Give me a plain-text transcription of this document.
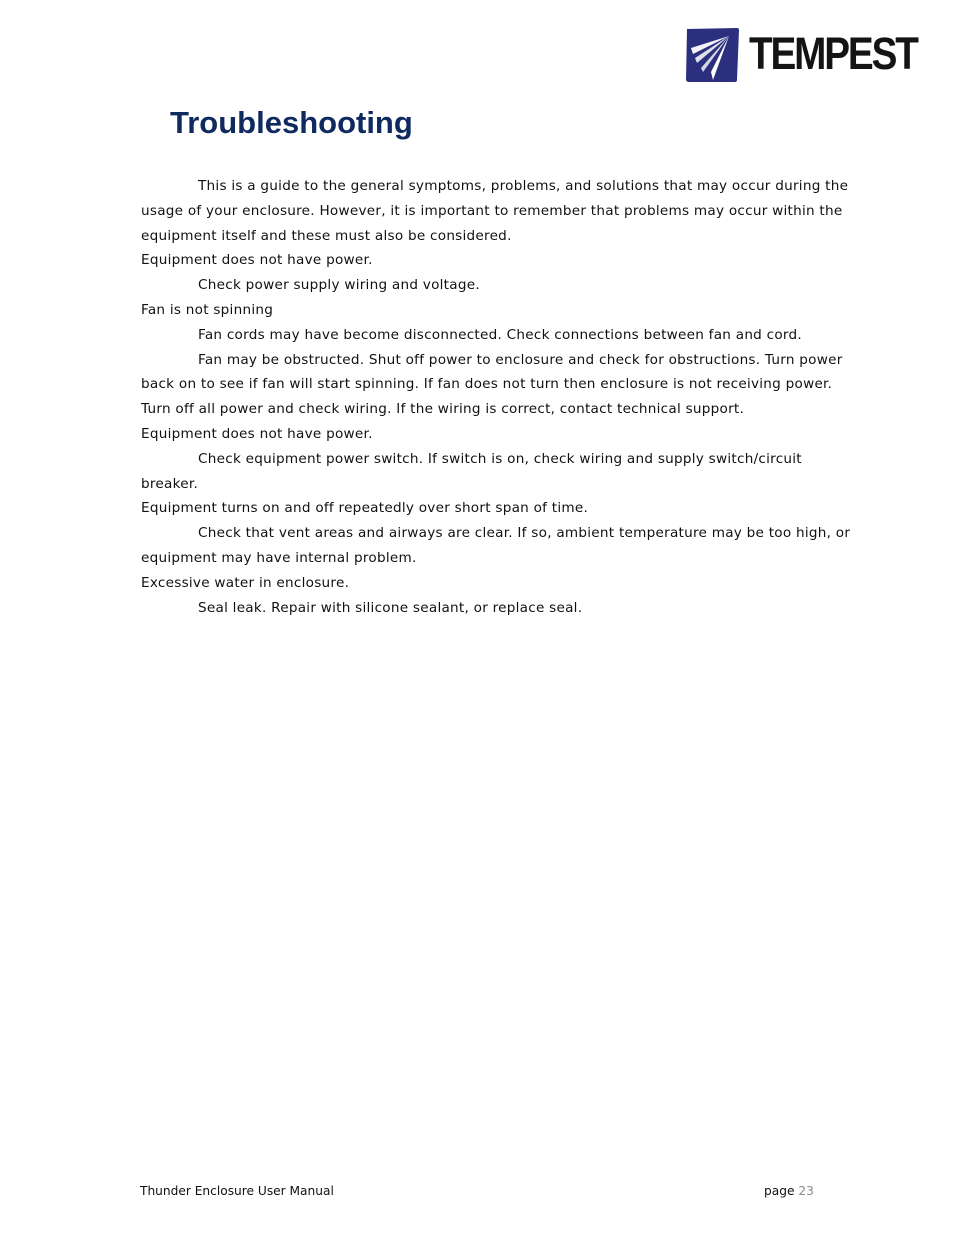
TEMPEST
Troubleshooting

This is a guide to the general symptoms, problems, and solutions that may occur during the usage of your enclosure. However, it is important to remember that problems may occur within the equipment itself and these must also be considered.

Equipment does not have power.

Check power supply wiring and voltage.

Fan is not spinning

Fan cords may have become disconnected. Check connections between fan and cord.

Fan may be obstructed. Shut off power to enclosure and check for obstructions. Turn power back on to see if fan will start spinning. If fan does not turn then enclosure is not receiving power. Turn off all power and check wiring. If the wiring is correct, contact technical support.

Equipment does not have power.

Check equipment power switch. If switch is on, check wiring and supply switch/circuit breaker.

Equipment turns on and off repeatedly over short span of time.

Check that vent areas and airways are clear. If so, ambient temperature may be too high, or equipment may have internal problem.

Excessive water in enclosure.

Seal leak. Repair with silicone sealant, or replace seal.

Thunder Enclosure User Manual	page 23
